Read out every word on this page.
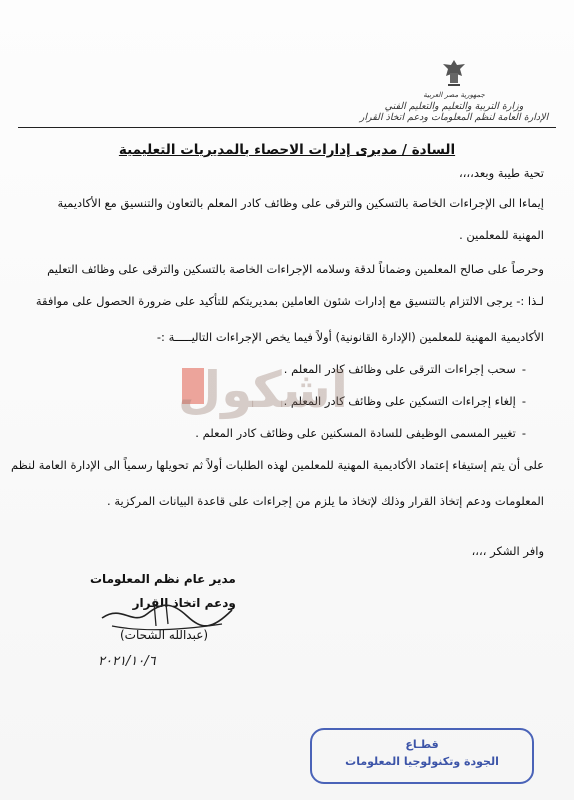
جمهورية مصر العربية
وزارة التربية والتعليم والتعليم الفني
الإدارة العامة لنظم المعلومات ودعم اتخاذ القرار
السادة / مديرى إدارات الاحصاء بالمديريات التعليمية
تحية طيبة وبعد،،،،
إيماءا الى الإجراءات الخاصة بالتسكين والترقى على وظائف كادر المعلم بالتعاون والتنسيق مع الأكاديمية
المهنية للمعلمين .
وحرصاً على صالح المعلمين وضماناً لدقة وسلامه الإجراءات الخاصة بالتسكين والترقى على وظائف التعليم
لـذا :- يرجى الالتزام بالتنسيق مع إدارات شئون العاملين بمديريتكم للتأكيد على ضرورة الحصول على موافقة
الأكاديمية المهنية للمعلمين (الإدارة القانونية) أولاً فيما يخص الإجراءات التاليـــــة :-
-سحب إجراءات الترقى على وظائف كادر المعلم .
-إلغاء إجراءات التسكين على وظائف كادر المعلم .
-تغيير المسمى الوظيفى للسادة المسكنين على وظائف كادر المعلم .
اشكول
على أن يتم إستيفاء إعتماد الأكاديمية المهنية للمعلمين لهذه الطلبات أولاً ثم تحويلها رسمياً الى الإدارة العامة لنظم
المعلومات ودعم إتخاذ القرار وذلك لإتخاذ ما يلزم من إجراءات على قاعدة البيانات المركزية .
وافر الشكر ،،،،
مدير عام نظم المعلومات
ودعم اتخاذ القرار
(عبدالله الشحات)
٢٠٢١/١٠/٦
قطـاع
الجودة وتكنولوجيا المعلومات
